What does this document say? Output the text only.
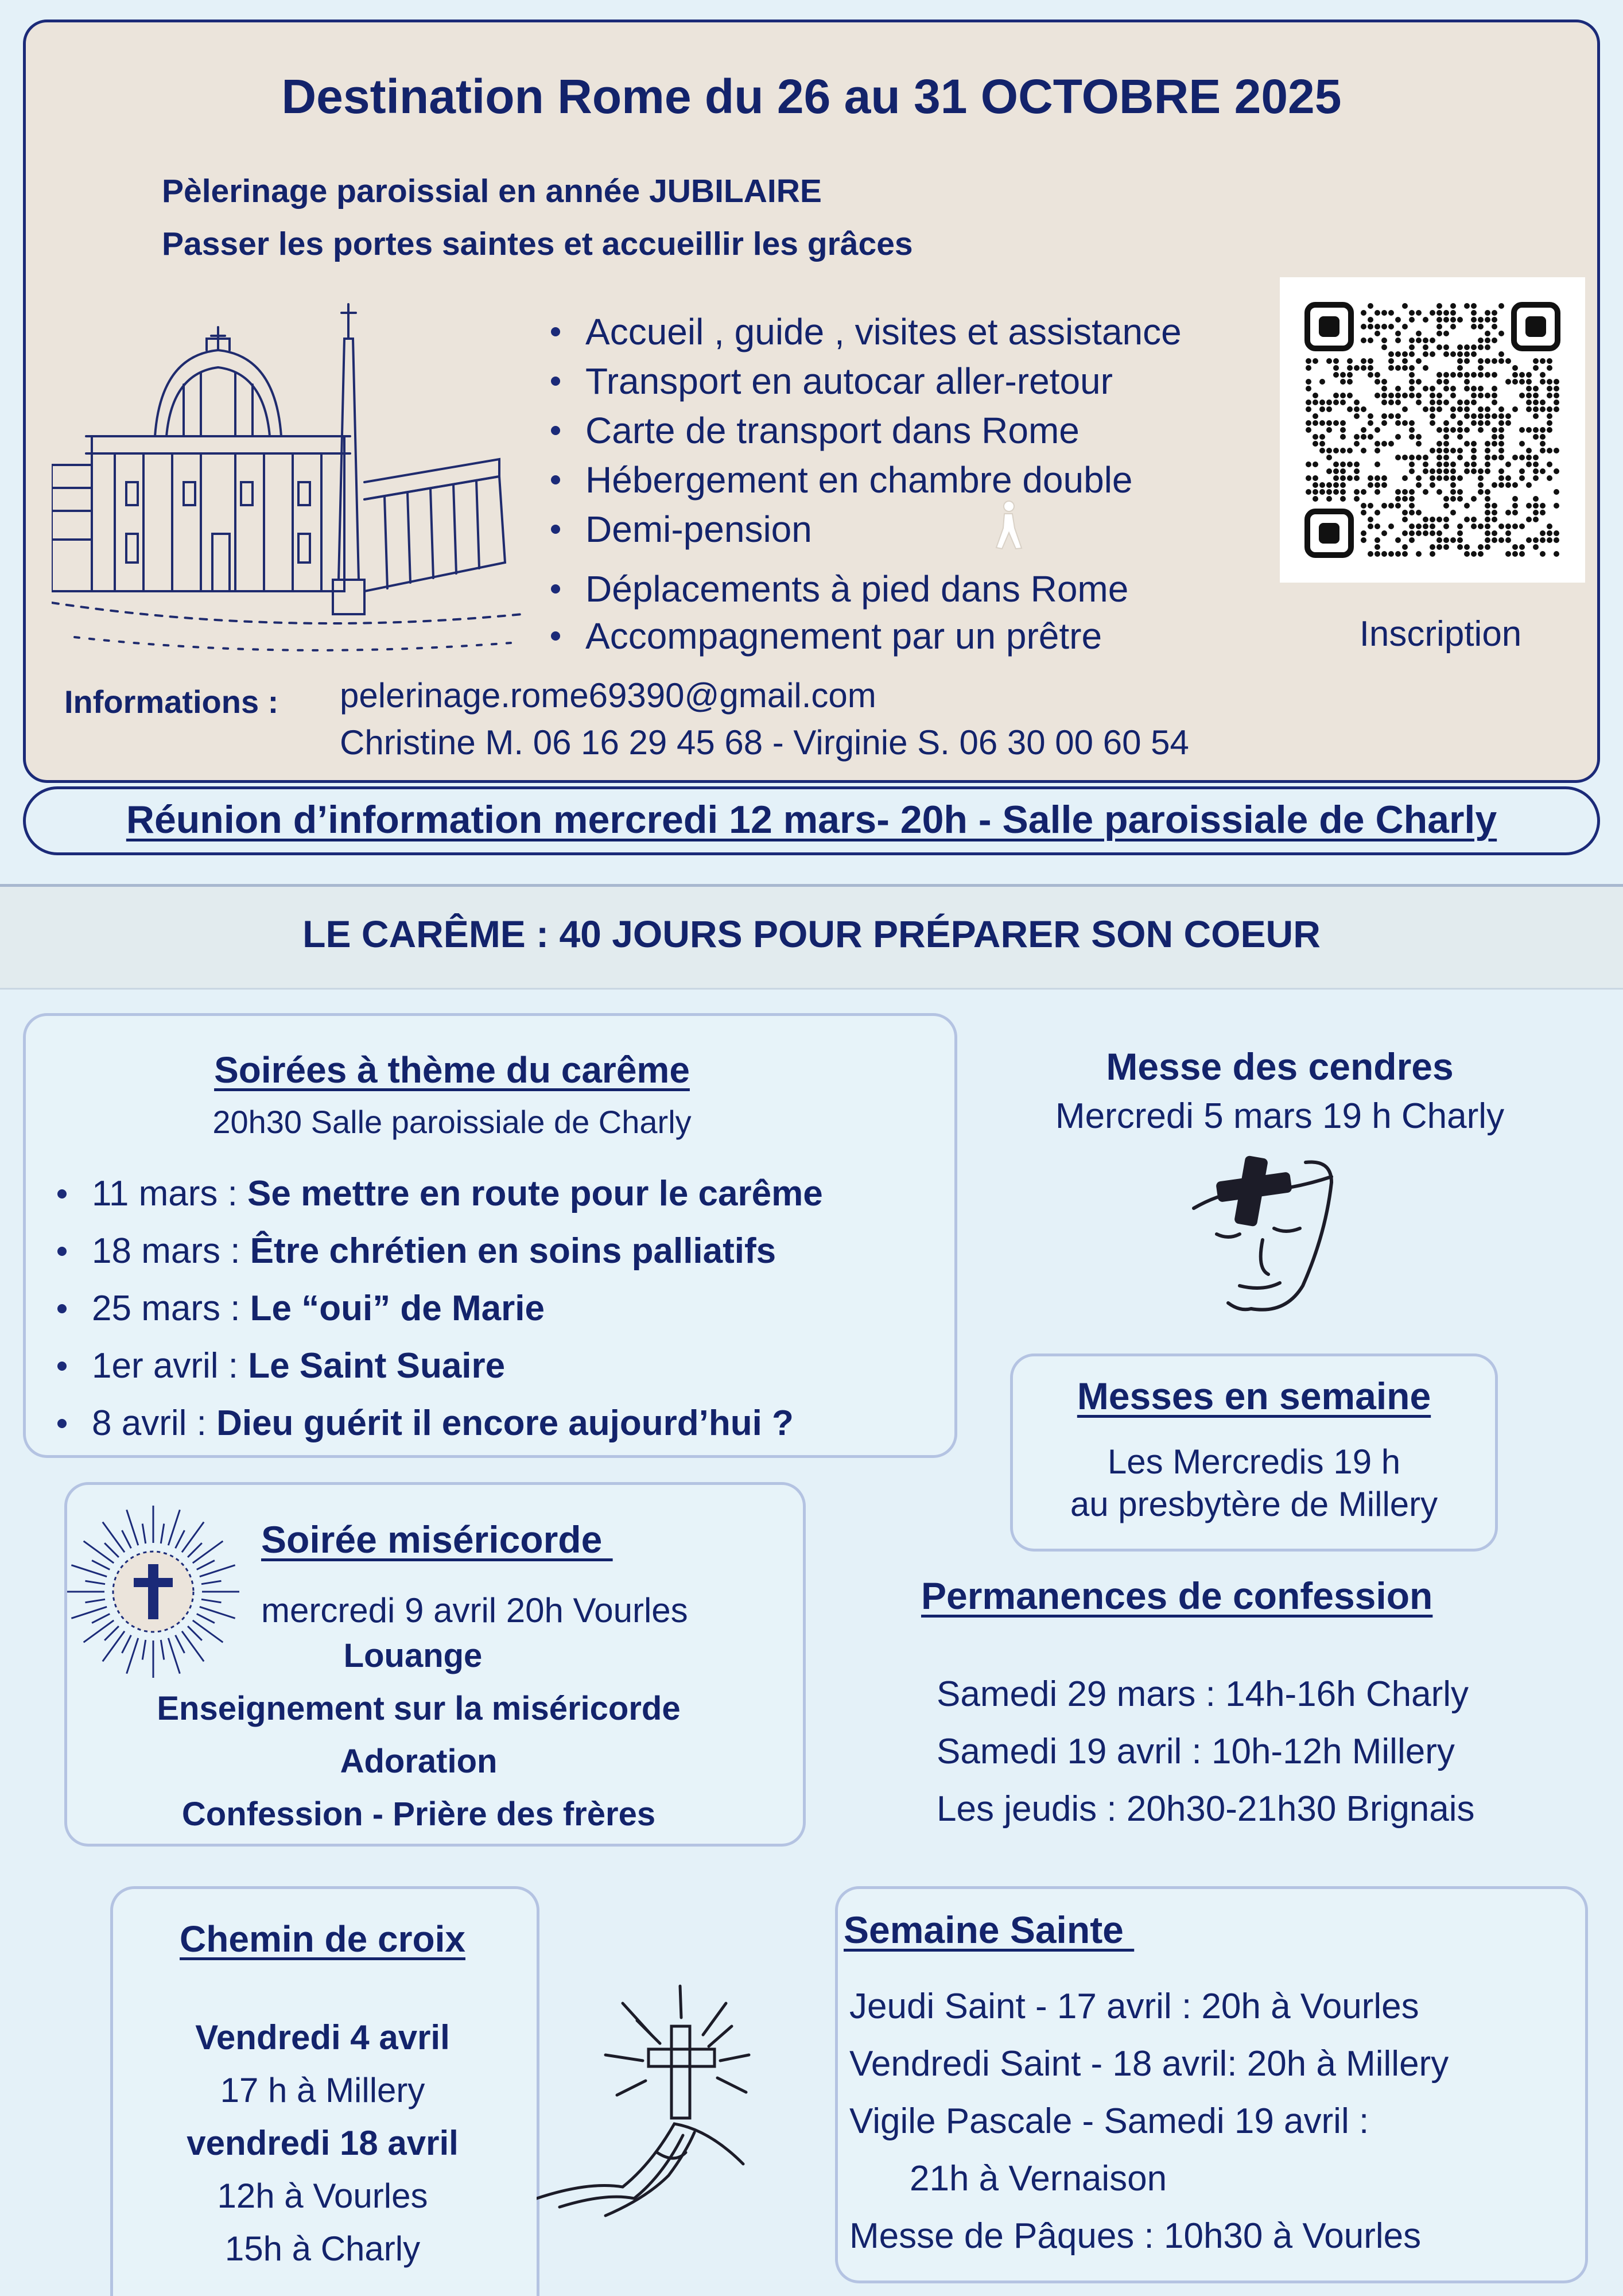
Destination Rome du 26 au 31 OCTOBRE 2025
Pèlerinage paroissial en année JUBILAIRE
Passer les portes saintes et accueillir les grâces
Accueil , guide , visites et assistance
Transport en autocar aller-retour
Carte de transport dans Rome
Hébergement en chambre double
Demi-pension
Déplacements à pied dans Rome
Accompagnement par un prêtre	Inscription
Informations : pelerinage.rome69390@gmail.com
Christine M. 06 16 29 45 68 - Virginie S. 06 30 00 60 54
Réunion d’information mercredi 12 mars- 20h - Salle paroissiale de Charly
LE CARÊME : 40 JOURS POUR PRÉPARER SON COEUR
Soirées à thème du carême
20h30 Salle paroissiale de Charly
11 mars : Se mettre en route pour le carême
18 mars : Être chrétien en soins palliatifs
25 mars : Le “oui” de Marie
1er avril : Le Saint Suaire
8 avril : Dieu guérit il encore aujourd’hui ?
Messe des cendres
Mercredi 5 mars 19 h Charly
Messes en semaine
Les Mercredis 19 h
au presbytère de Millery
Soirée miséricorde
mercredi 9 avril 20h Vourles
Louange
Enseignement sur la miséricorde
Adoration
Confession - Prière des frères
Permanences de confession
Samedi 29 mars : 14h-16h Charly
Samedi 19 avril : 10h-12h Millery
Les jeudis : 20h30-21h30 Brignais
Chemin de croix
Vendredi 4 avril
17 h à Millery
vendredi 18 avril
12h à Vourles
15h à Charly
Semaine Sainte
Jeudi Saint - 17 avril : 20h à Vourles
Vendredi Saint - 18 avril: 20h à Millery
Vigile Pascale - Samedi 19 avril :
21h à Vernaison
Messe de Pâques : 10h30 à Vourles
